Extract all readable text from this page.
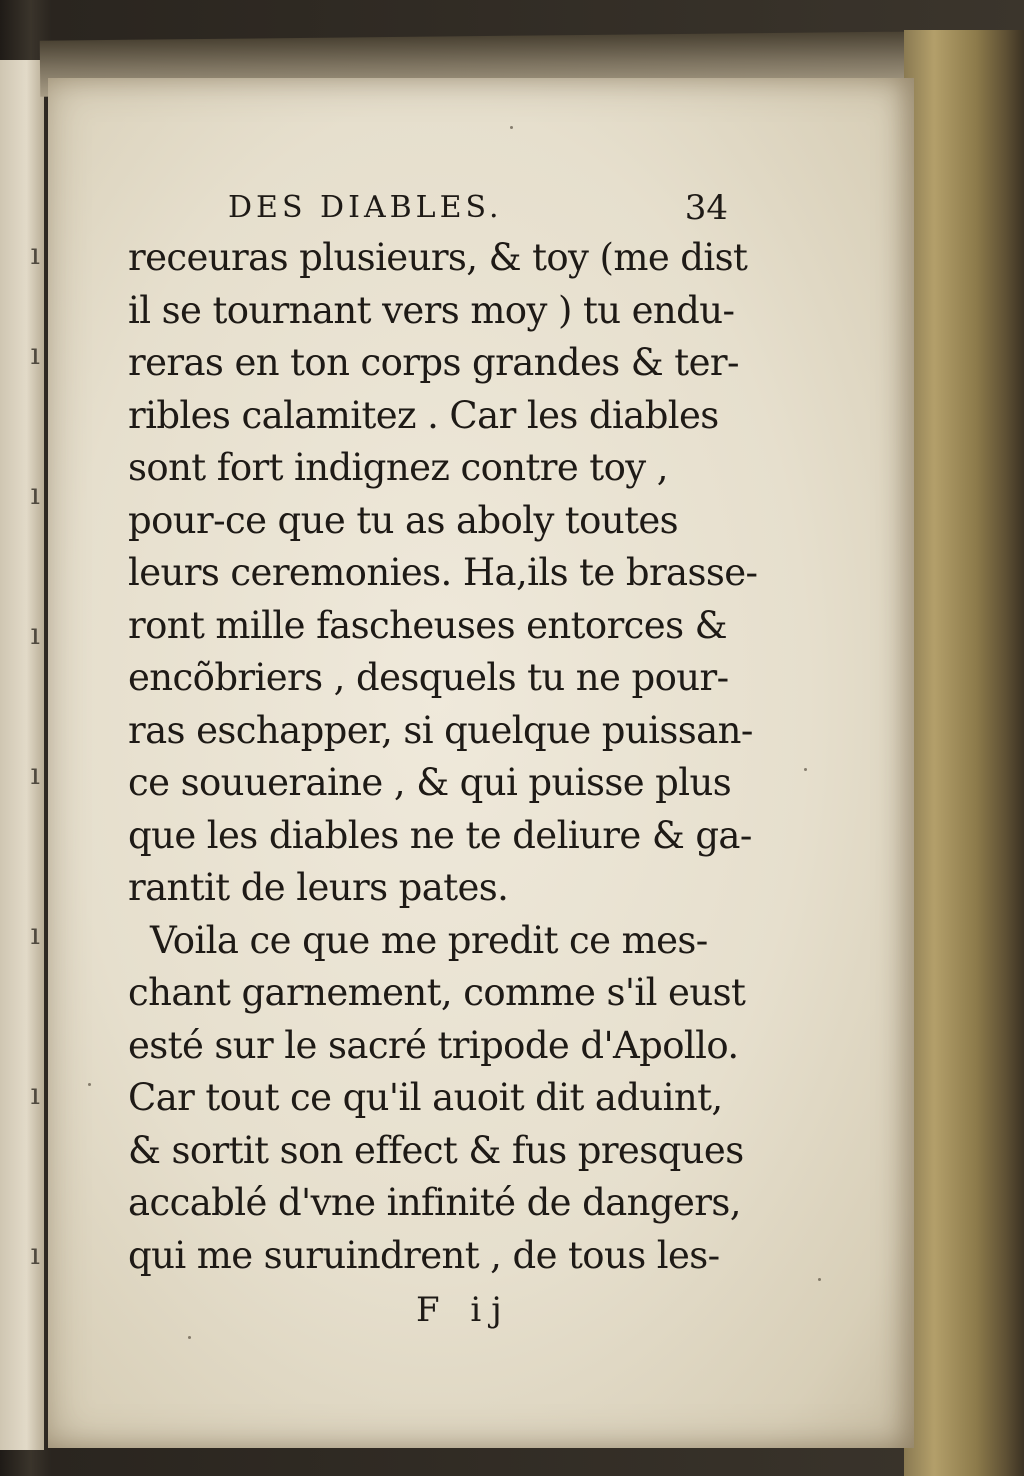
ı
ı
ı
ı
ı
ı
ı
ı
DES DIABLES.	34
receuras plusieurs, & toy (me dist
il se tournant vers moy ) tu endu-
reras en ton corps grandes & ter-
ribles calamitez . Car les diables
sont fort indignez contre toy ,
pour-ce que tu as aboly toutes
leurs ceremonies. Ha,ils te brasse-
ront mille fascheuses entorces &
encõbriers , desquels tu ne pour-
ras eschapper, si quelque puissan-
ce souueraine , & qui puisse plus
que les diables ne te deliure & ga-
rantit de leurs pates.
Voila ce que me predit ce mes-
chant garnement, comme s'il eust
esté sur le sacré tripode d'Apollo.
Car tout ce qu'il auoit dit aduint,
& sortit son effect & fus presques
accablé d'vne infinité de dangers,
qui me suruindrent , de tous les-
F ij
